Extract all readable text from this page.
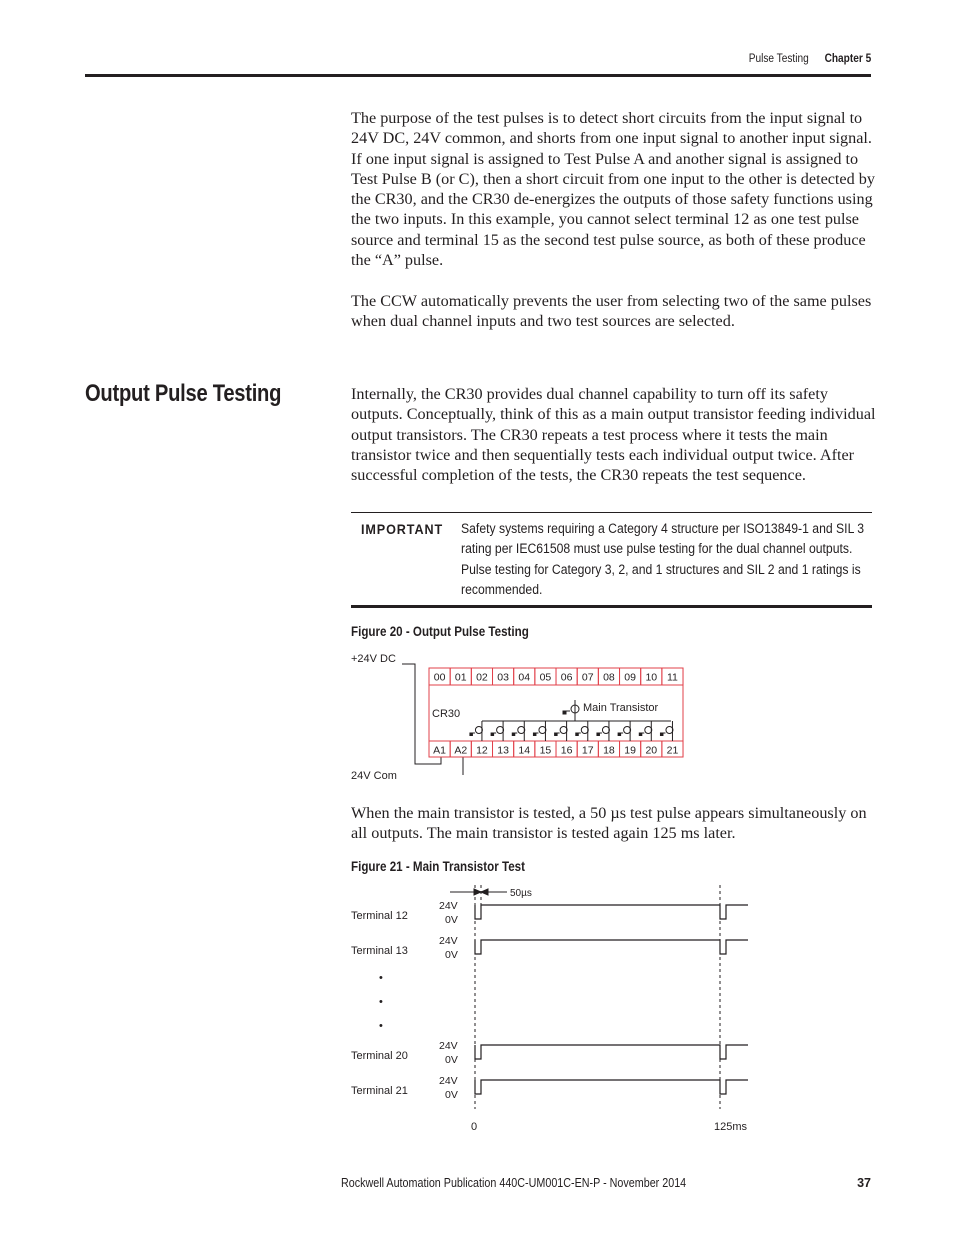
Pulse Testing Chapter 5

The purpose of the test pulses is to detect short circuits from the input signal to 24V DC, 24V common, and shorts from one input signal to another input signal. If one input signal is assigned to Test Pulse A and another signal is assigned to Test Pulse B (or C), then a short circuit from one input to the other is detected by the CR30, and the CR30 de-energizes the outputs of those safety functions using the two inputs. In this example, you cannot select terminal 12 as one test pulse source and terminal 15 as the second test pulse source, as both of these produce the “A” pulse.

The CCW automatically prevents the user from selecting two of the same pulses when dual channel inputs and two test sources are selected.

Output Pulse Testing	Internally, the CR30 provides dual channel capability to turn off its safety outputs. Conceptually, think of this as a main output transistor feeding individual output transistors. The CR30 repeats a test process where it tests the main transistor twice and then sequentially tests each individual output twice. After successful completion of the tests, the CR30 repeats the test sequence.

IMPORTANT Safety systems requiring a Category 4 structure per ISO13849-1 and SIL 3 rating per IEC61508 must use pulse testing for the dual channel outputs. Pulse testing for Category 3, 2, and 1 structures and SIL 2 and 1 ratings is recommended.

Figure 20 - Output Pulse Testing
+24V DC
24V Com
00 01 02 03 04 05 06 07 08 09 10 11
A1 A2 12 13 14 15 16 17 18 19 20 21
CR30	Main Transistor

When the main transistor is tested, a 50 µs test pulse appears simultaneously on all outputs. The main transistor is tested again 125 ms later.

Figure 21 - Main Transistor Test
50µs
Terminal 12
24V
0V
Terminal 13
24V
0V
Terminal 20
24V
0V
Terminal 21
24V
0V
•
•
•
0	125ms
Rockwell Automation Publication 440C-UM001C-EN-P - November 2014	37
